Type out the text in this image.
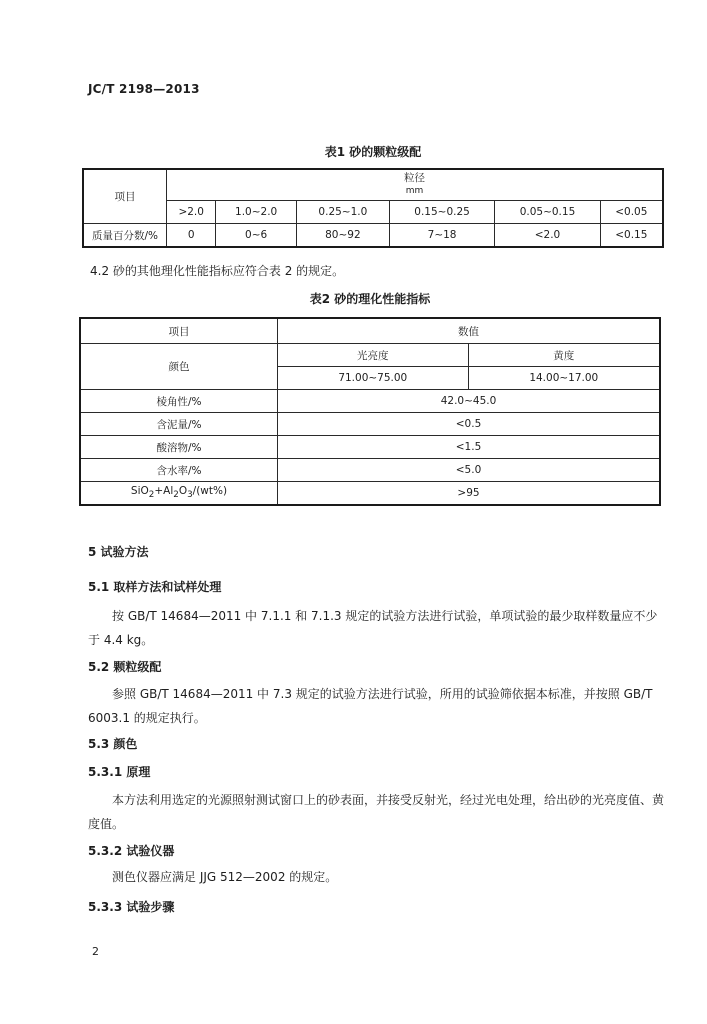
JC/T 2198—2013
表1 砂的颗粒级配
项目	粒径
mm					

	>2.0	1.0~2.0	0.25~1.0	0.15~0.25	0.05~0.15	<0.05
质量百分数/%	0	0~6	80~92	7~18	<2.0	<0.15
4.2 砂的其他理化性能指标应符合表 2 的规定。
表2 砂的理化性能指标
项目	数值	
颜色	光亮度	黄度
	71.00~75.00	14.00~17.00
棱角性/%	42.0~45.0	
含泥量/%	<0.5	
酸溶物/%	<1.5	
含水率/%	<5.0	
$SiO_2+Al_2O_3/(wt\%)$	>95	
5 试验方法
5.1 取样方法和试样处理

按 GB/T 14684—2011 中 7.1.1 和 7.1.3 规定的试验方法进行试验，单项试验的最少取样数量应不少于 4.4 kg。

5.2 颗粒级配

参照 GB/T 14684—2011 中 7.3 规定的试验方法进行试验，所用的试验筛依据本标准，并按照 GB/T 6003.1 的规定执行。

5.3 颜色
5.3.1 原理

本方法利用选定的光源照射测试窗口上的砂表面，并接受反射光，经过光电处理，给出砂的光亮度值、黄度值。

5.3.2 试验仪器

测色仪器应满足 JJG 512—2002 的规定。

5.3.3 试验步骤
2
